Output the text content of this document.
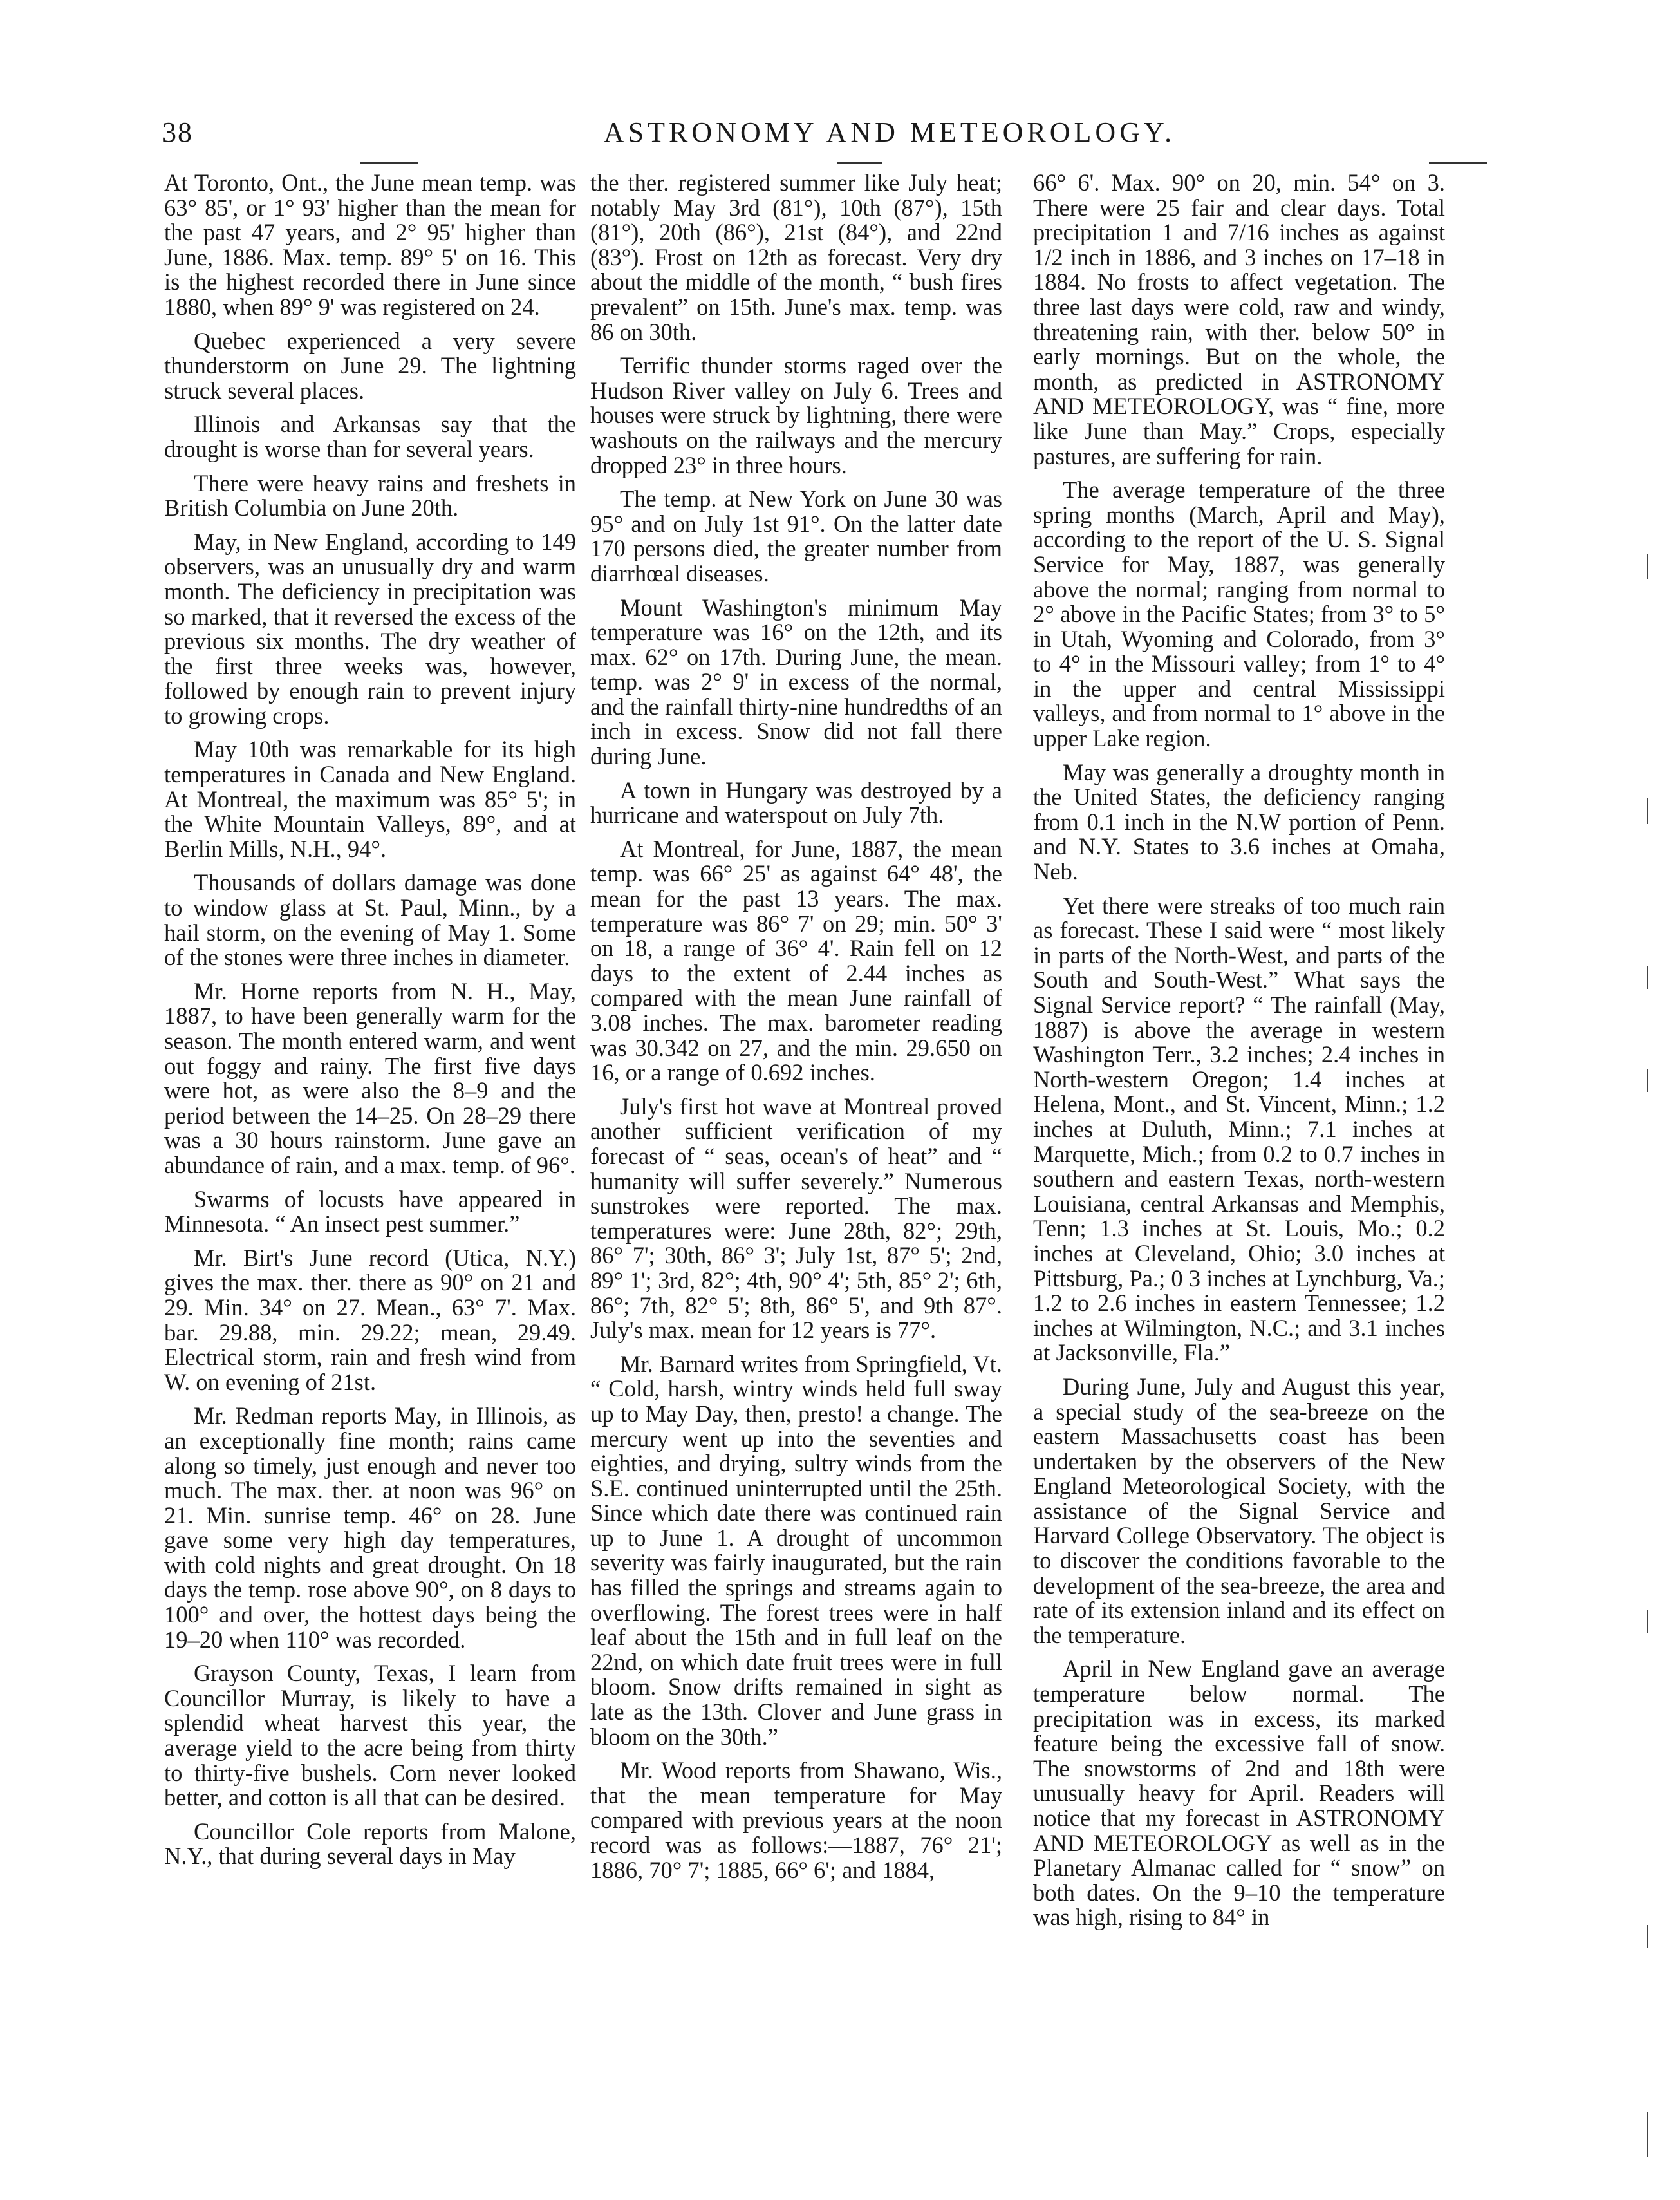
38	ASTRONOMY AND METEOROLOGY.

At Toronto, Ont., the June mean temp. was 63° 85', or 1° 93' higher than the mean for the past 47 years, and 2° 95' higher than June, 1886. Max. temp. 89° 5' on 16. This is the highest recorded there in June since 1880, when 89° 9' was registered on 24.

Quebec experienced a very severe thunderstorm on June 29. The lightning struck several places.

Illinois and Arkansas say that the drought is worse than for several years.

There were heavy rains and freshets in British Columbia on June 20th.

May, in New England, according to 149 observers, was an unusually dry and warm month. The deficiency in precipitation was so marked, that it reversed the excess of the previous six months. The dry weather of the first three weeks was, however, followed by enough rain to prevent injury to growing crops.

May 10th was remarkable for its high temperatures in Canada and New England. At Montreal, the maximum was 85° 5'; in the White Mountain Valleys, 89°, and at Berlin Mills, N.H., 94°.

Thousands of dollars damage was done to window glass at St. Paul, Minn., by a hail storm, on the evening of May 1. Some of the stones were three inches in diameter.

Mr. Horne reports from N. H., May, 1887, to have been generally warm for the season. The month entered warm, and went out foggy and rainy. The first five days were hot, as were also the 8–9 and the period between the 14–25. On 28–29 there was a 30 hours rainstorm. June gave an abundance of rain, and a max. temp. of 96°.

Swarms of locusts have appeared in Minnesota. “ An insect pest summer.”

Mr. Birt's June record (Utica, N.Y.) gives the max. ther. there as 90° on 21 and 29. Min. 34° on 27. Mean., 63° 7'. Max. bar. 29.88, min. 29.22; mean, 29.49. Electrical storm, rain and fresh wind from W. on evening of 21st.

Mr. Redman reports May, in Illinois, as an exceptionally fine month; rains came along so timely, just enough and never too much. The max. ther. at noon was 96° on 21. Min. sunrise temp. 46° on 28. June gave some very high day temperatures, with cold nights and great drought. On 18 days the temp. rose above 90°, on 8 days to 100° and over, the hottest days being the 19–20 when 110° was recorded.

Grayson County, Texas, I learn from Councillor Murray, is likely to have a splendid wheat harvest this year, the average yield to the acre being from thirty to thirty-five bushels. Corn never looked better, and cotton is all that can be desired.

Councillor Cole reports from Malone, N.Y., that during several days in May

the ther. registered summer like July heat; notably May 3rd (81°), 10th (87°), 15th (81°), 20th (86°), 21st (84°), and 22nd (83°). Frost on 12th as forecast. Very dry about the middle of the month, “ bush fires prevalent” on 15th. June's max. temp. was 86 on 30th.

Terrific thunder storms raged over the Hudson River valley on July 6. Trees and houses were struck by lightning, there were washouts on the railways and the mercury dropped 23° in three hours.

The temp. at New York on June 30 was 95° and on July 1st 91°. On the latter date 170 persons died, the greater number from diarrhœal diseases.

Mount Washington's minimum May temperature was 16° on the 12th, and its max. 62° on 17th. During June, the mean. temp. was 2° 9' in excess of the normal, and the rainfall thirty-nine hundredths of an inch in excess. Snow did not fall there during June.

A town in Hungary was destroyed by a hurricane and waterspout on July 7th.

At Montreal, for June, 1887, the mean temp. was 66° 25' as against 64° 48', the mean for the past 13 years. The max. temperature was 86° 7' on 29; min. 50° 3' on 18, a range of 36° 4'. Rain fell on 12 days to the extent of 2.44 inches as compared with the mean June rainfall of 3.08 inches. The max. barometer reading was 30.342 on 27, and the min. 29.650 on 16, or a range of 0.692 inches.

July's first hot wave at Montreal proved another sufficient verification of my forecast of “ seas, ocean's of heat” and “ humanity will suffer severely.” Numerous sunstrokes were reported. The max. temperatures were: June 28th, 82°; 29th, 86° 7'; 30th, 86° 3'; July 1st, 87° 5'; 2nd, 89° 1'; 3rd, 82°; 4th, 90° 4'; 5th, 85° 2'; 6th, 86°; 7th, 82° 5'; 8th, 86° 5', and 9th 87°. July's max. mean for 12 years is 77°.

Mr. Barnard writes from Springfield, Vt. “ Cold, harsh, wintry winds held full sway up to May Day, then, presto! a change. The mercury went up into the seventies and eighties, and drying, sultry winds from the S.E. continued uninterrupted until the 25th. Since which date there was continued rain up to June 1. A drought of uncommon severity was fairly inaugurated, but the rain has filled the springs and streams again to overflowing. The forest trees were in half leaf about the 15th and in full leaf on the 22nd, on which date fruit trees were in full bloom. Snow drifts remained in sight as late as the 13th. Clover and June grass in bloom on the 30th.”

Mr. Wood reports from Shawano, Wis., that the mean temperature for May compared with previous years at the noon record was as follows:—1887, 76° 21'; 1886, 70° 7'; 1885, 66° 6'; and 1884,

66° 6'. Max. 90° on 20, min. 54° on 3. There were 25 fair and clear days. Total precipitation 1 and 7/16 inches as against 1/2 inch in 1886, and 3 inches on 17–18 in 1884. No frosts to affect vegetation. The three last days were cold, raw and windy, threatening rain, with ther. below 50° in early mornings. But on the whole, the month, as predicted in ASTRONOMY AND METEOROLOGY, was “ fine, more like June than May.” Crops, especially pastures, are suffering for rain.

The average temperature of the three spring months (March, April and May), according to the report of the U. S. Signal Service for May, 1887, was generally above the normal; ranging from normal to 2° above in the Pacific States; from 3° to 5° in Utah, Wyoming and Colorado, from 3° to 4° in the Missouri valley; from 1° to 4° in the upper and central Mississippi valleys, and from normal to 1° above in the upper Lake region.

May was generally a droughty month in the United States, the deficiency ranging from 0.1 inch in the N.W portion of Penn. and N.Y. States to 3.6 inches at Omaha, Neb.

Yet there were streaks of too much rain as forecast. These I said were “ most likely in parts of the North-West, and parts of the South and South-West.” What says the Signal Service report? “ The rainfall (May, 1887) is above the average in western Washington Terr., 3.2 inches; 2.4 inches in North-western Oregon; 1.4 inches at Helena, Mont., and St. Vincent, Minn.; 1.2 inches at Duluth, Minn.; 7.1 inches at Marquette, Mich.; from 0.2 to 0.7 inches in southern and eastern Texas, north-western Louisiana, central Arkansas and Memphis, Tenn; 1.3 inches at St. Louis, Mo.; 0.2 inches at Cleveland, Ohio; 3.0 inches at Pittsburg, Pa.; 0 3 inches at Lynchburg, Va.; 1.2 to 2.6 inches in eastern Tennessee; 1.2 inches at Wilmington, N.C.; and 3.1 inches at Jacksonville, Fla.”

During June, July and August this year, a special study of the sea-breeze on the eastern Massachusetts coast has been undertaken by the observers of the New England Meteorological Society, with the assistance of the Signal Service and Harvard College Observatory. The object is to discover the conditions favorable to the development of the sea-breeze, the area and rate of its extension inland and its effect on the temperature.

April in New England gave an average temperature below normal. The precipitation was in excess, its marked feature being the excessive fall of snow. The snowstorms of 2nd and 18th were unusually heavy for April. Readers will notice that my forecast in ASTRONOMY AND METEOROLOGY as well as in the Planetary Almanac called for “ snow” on both dates. On the 9–10 the temperature was high, rising to 84° in
